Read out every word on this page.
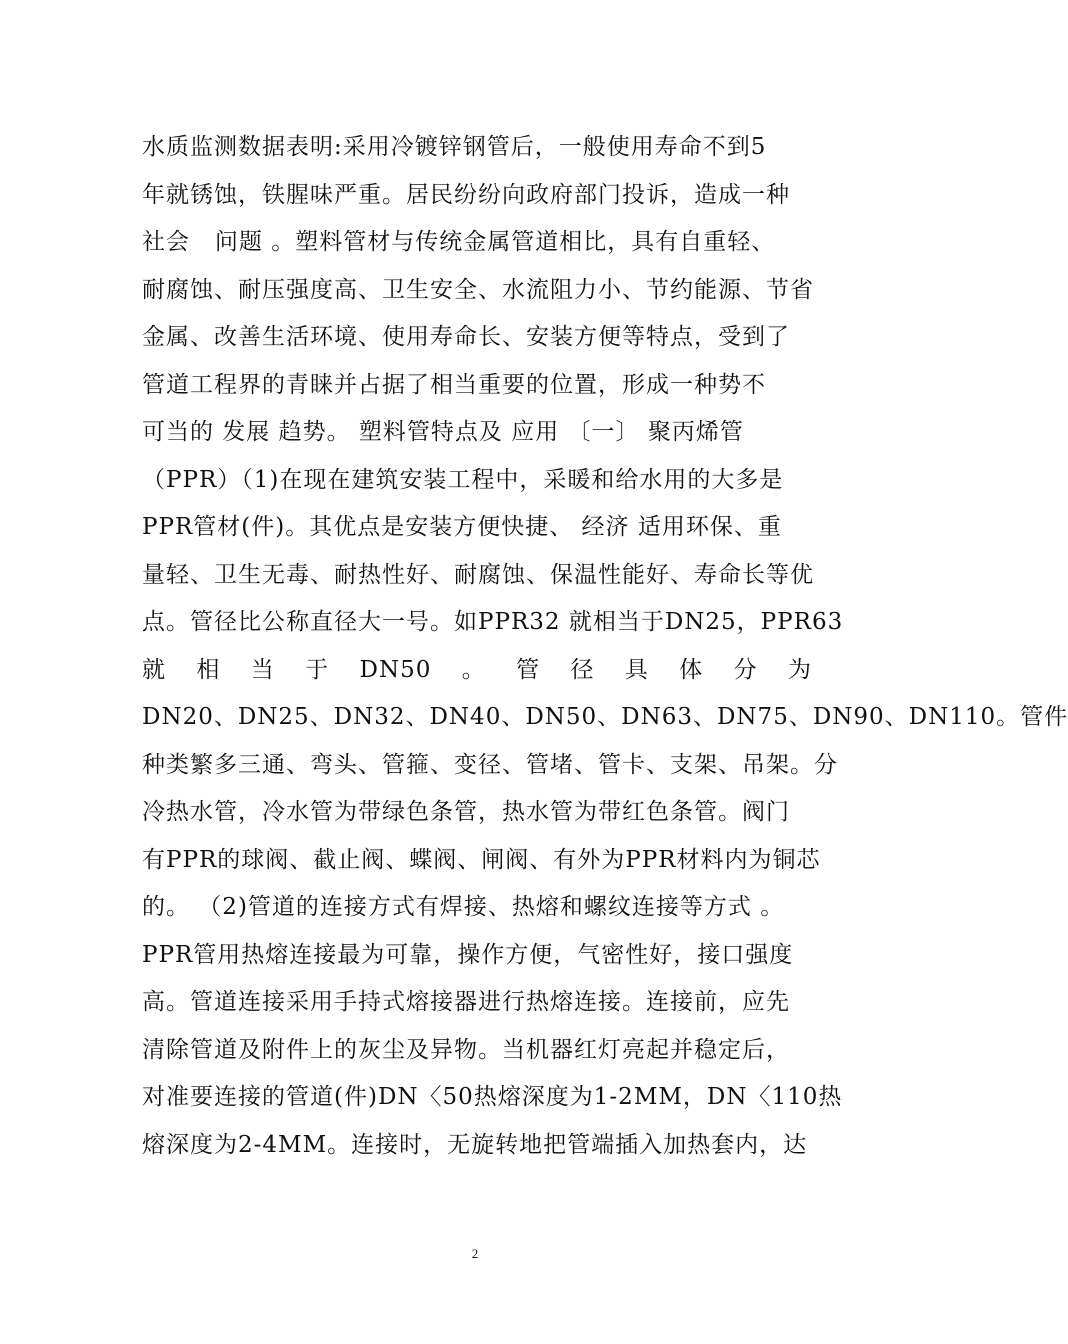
水质监测数据表明:采用冷镀锌钢管后，一般使用寿命不到5
年就锈蚀，铁腥味严重。居民纷纷向政府部门投诉，造成一种
社会   问题 。塑料管材与传统金属管道相比，具有自重轻、
耐腐蚀、耐压强度高、卫生安全、水流阻力小、节约能源、节省
金属、改善生活环境、使用寿命长、安装方便等特点，受到了
管道工程界的青睐并占据了相当重要的位置，形成一种势不
可当的 发展 趋势。 塑料管特点及 应用 〔一〕 聚丙烯管
（PPR）（1)在现在建筑安装工程中，采暖和给水用的大多是
PPR管材(件)。其优点是安装方便快捷、 经济 适用环保、重
量轻、卫生无毒、耐热性好、耐腐蚀、保温性能好、寿命长等优
点。管径比公称直径大一号。如PPR32 就相当于DN25，PPR63
就 相 当 于 DN50 。 管 径 具 体 分 为
DN20、DN25、DN32、DN40、DN50、DN63、DN75、DN90、DN110。管件
种类繁多三通、弯头、管箍、变径、管堵、管卡、支架、吊架。分
冷热水管，冷水管为带绿色条管，热水管为带红色条管。阀门
有PPR的球阀、截止阀、蝶阀、闸阀、有外为PPR材料内为铜芯
的。 （2)管道的连接方式有焊接、热熔和螺纹连接等方式 。
PPR管用热熔连接最为可靠，操作方便，气密性好，接口强度
高。管道连接采用手持式熔接器进行热熔连接。连接前，应先
清除管道及附件上的灰尘及异物。当机器红灯亮起并稳定后，
对准要连接的管道(件)DN〈50热熔深度为1-2MM，DN〈110热
熔深度为2-4MM。连接时，无旋转地把管端插入加热套内，达
2
